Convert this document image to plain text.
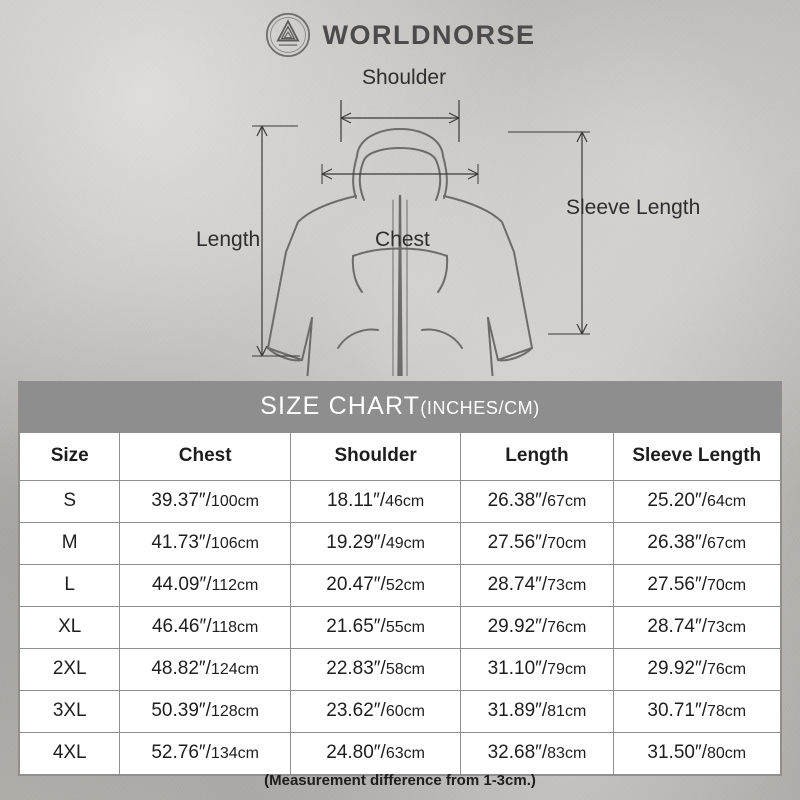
WORLDNORSE
Shoulder
Sleeve Length
Length	Chest
SIZE CHART(INCHES/CM)
Size	Chest	Shoulder	Length	Sleeve Length
S	39.37″/100cm	18.11″/46cm	26.38″/67cm	25.20″/64cm
M	41.73″/106cm	19.29″/49cm	27.56″/70cm	26.38″/67cm
L	44.09″/112cm	20.47″/52cm	28.74″/73cm	27.56″/70cm
XL	46.46″/118cm	21.65″/55cm	29.92″/76cm	28.74″/73cm
2XL	48.82″/124cm	22.83″/58cm	31.10″/79cm	29.92″/76cm
3XL	50.39″/128cm	23.62″/60cm	31.89″/81cm	30.71″/78cm
4XL	52.76″/134cm	24.80″/63cm	32.68″/83cm	31.50″/80cm
(Measurement difference from 1-3cm.)
